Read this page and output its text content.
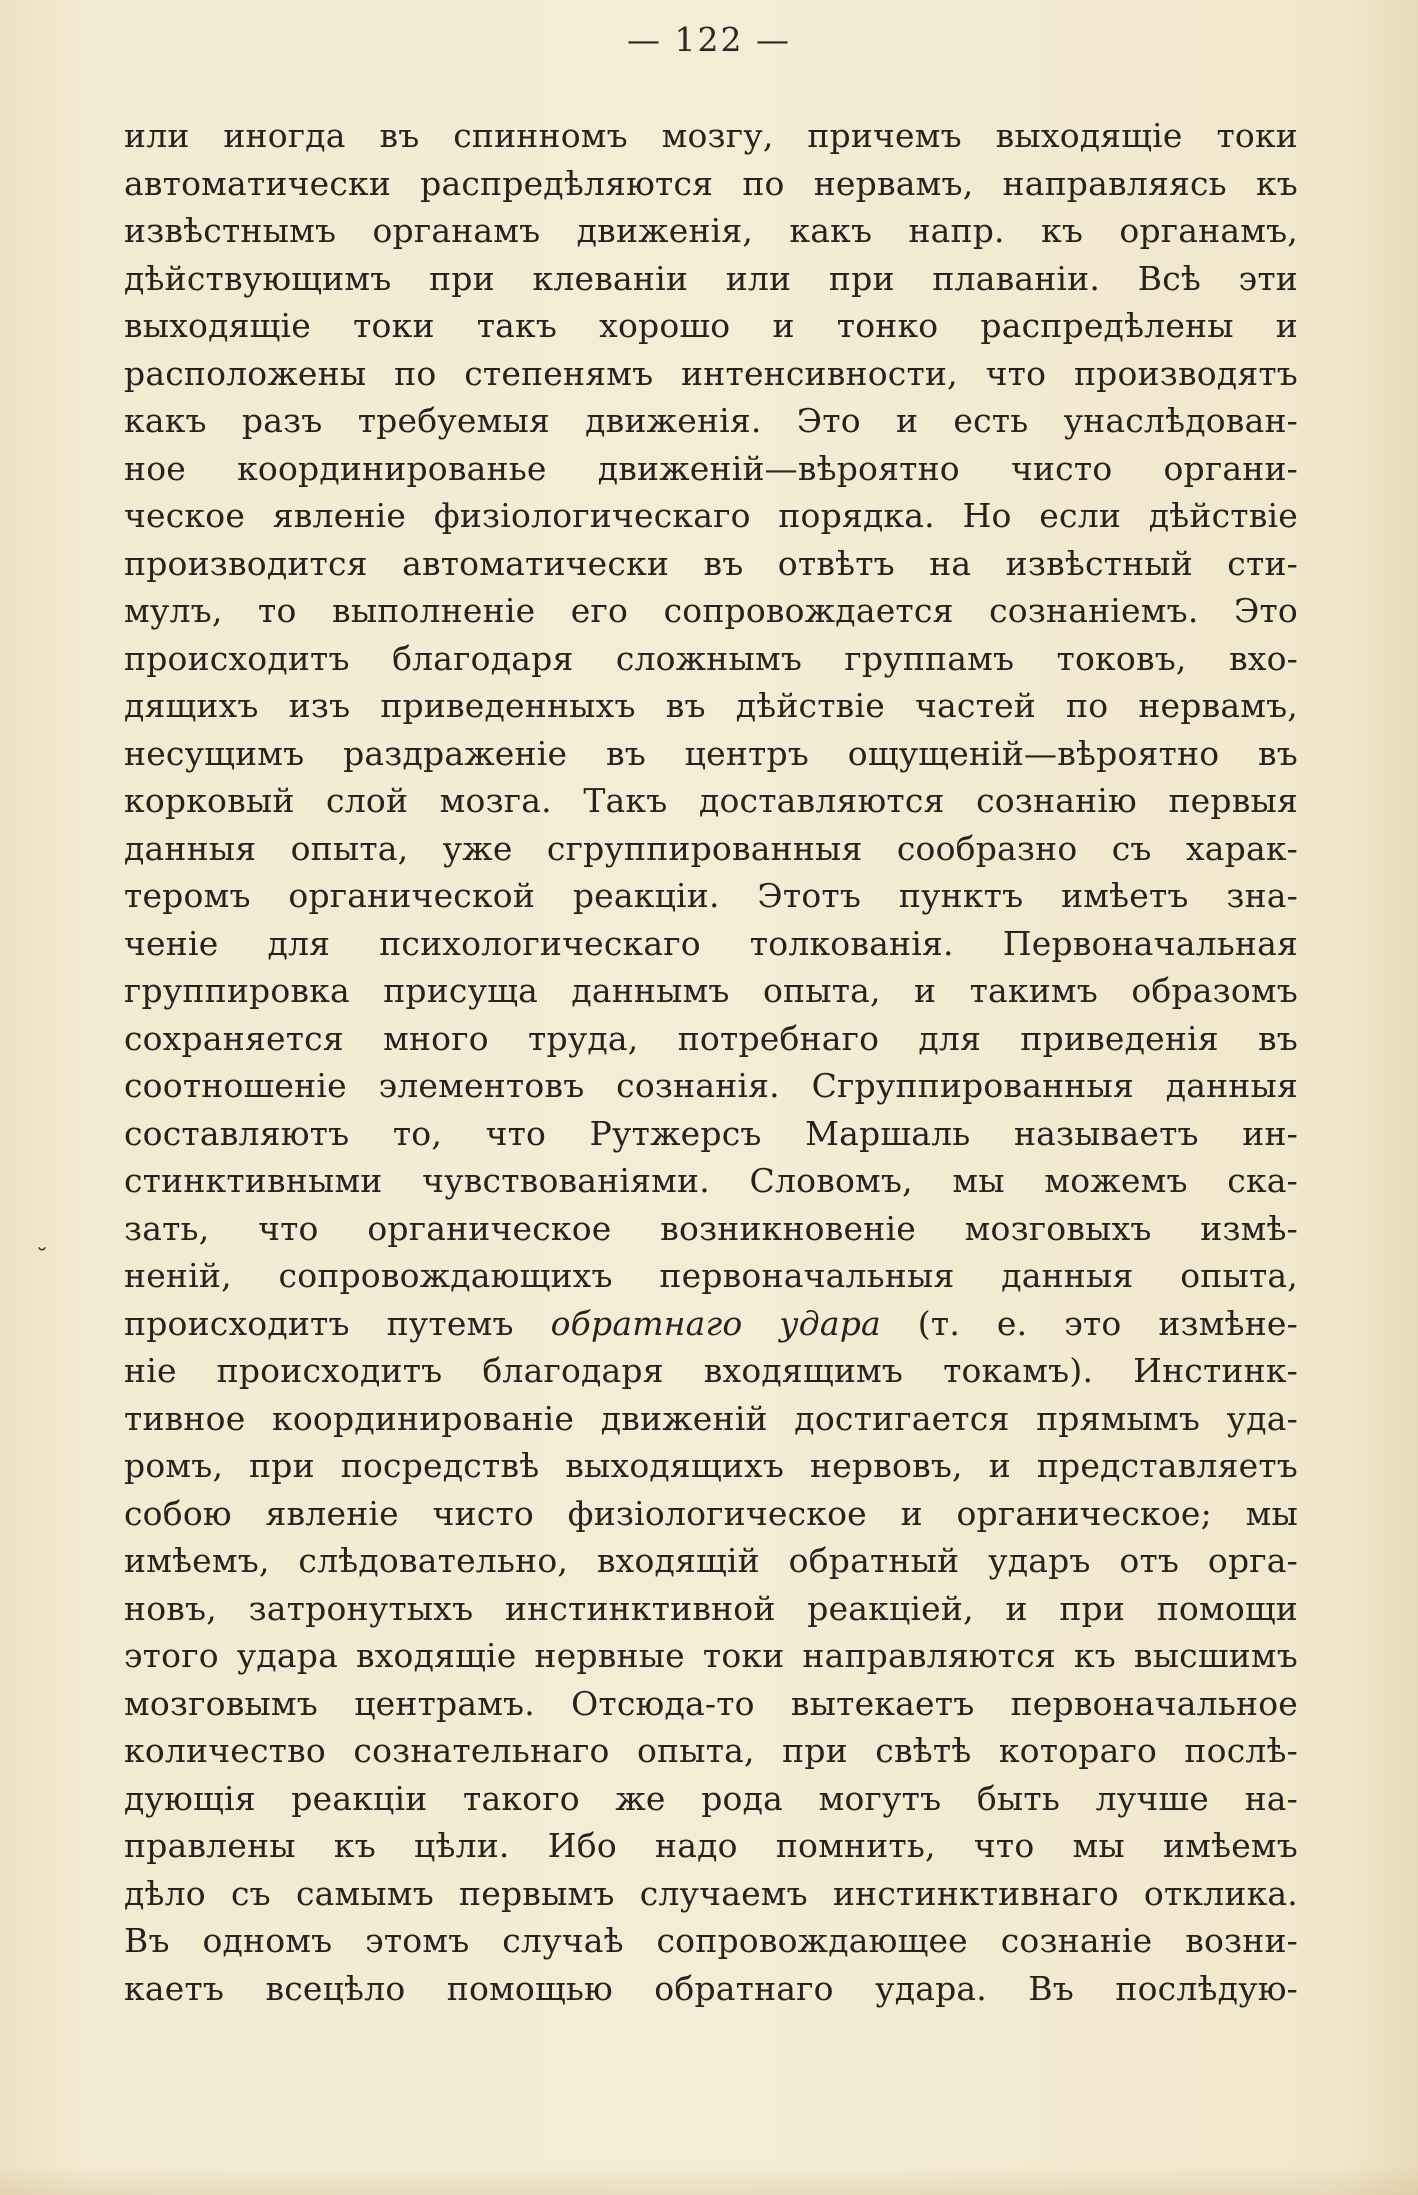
— 122 —
˘
или иногда въ спинномъ мозгу, причемъ выходящіе токи
автоматически распредѣляются по нервамъ, направляясь къ
извѣстнымъ органамъ движенія, какъ напр. къ органамъ,
дѣйствующимъ при клеваніи или при плаваніи. Всѣ эти
выходящіе токи такъ хорошо и тонко распредѣлены и
расположены по степенямъ интенсивности, что производятъ
какъ разъ требуемыя движенія. Это и есть унаслѣдован-
ное координированье движеній—вѣроятно чисто органи-
ческое явленіе физіологическаго порядка. Но если дѣйствіе
производится автоматически въ отвѣтъ на извѣстный сти-
мулъ, то выполненіе его сопровождается сознаніемъ. Это
происходитъ благодаря сложнымъ группамъ токовъ, вхо-
дящихъ изъ приведенныхъ въ дѣйствіе частей по нервамъ,
несущимъ раздраженіе въ центръ ощущеній—вѣроятно въ
корковый слой мозга. Такъ доставляются сознанію первыя
данныя опыта, уже сгруппированныя сообразно съ харак-
теромъ органической реакціи. Этотъ пунктъ имѣетъ зна-
ченіе для психологическаго толкованія. Первоначальная
группировка присуща даннымъ опыта, и такимъ образомъ
сохраняется много труда, потребнаго для приведенія въ
соотношеніе элементовъ сознанія. Сгруппированныя данныя
составляютъ то, что Рутжерсъ Маршаль называетъ ин-
стинктивными чувствованіями. Словомъ, мы можемъ ска-
зать, что органическое возникновеніе мозговыхъ измѣ-
неній, сопровождающихъ первоначальныя данныя опыта,
происходитъ путемъ обратнаго удара (т. е. это измѣне-
ніе происходитъ благодаря входящимъ токамъ). Инстинк-
тивное координированіе движеній достигается прямымъ уда-
ромъ, при посредствѣ выходящихъ нервовъ, и представляетъ
собою явленіе чисто физіологическое и органическое; мы
имѣемъ, слѣдовательно, входящій обратный ударъ отъ орга-
новъ, затронутыхъ инстинктивной реакціей, и при помощи
этого удара входящіе нервные токи направляются къ высшимъ
мозговымъ центрамъ. Отсюда-то вытекаетъ первоначальное
количество сознательнаго опыта, при свѣтѣ котораго послѣ-
дующія реакціи такого же рода могутъ быть лучше на-
правлены къ цѣли. Ибо надо помнить, что мы имѣемъ
дѣло съ самымъ первымъ случаемъ инстинктивнаго отклика.
Въ одномъ этомъ случаѣ сопровождающее сознаніе возни-
каетъ всецѣло помощью обратнаго удара. Въ послѣдую-
